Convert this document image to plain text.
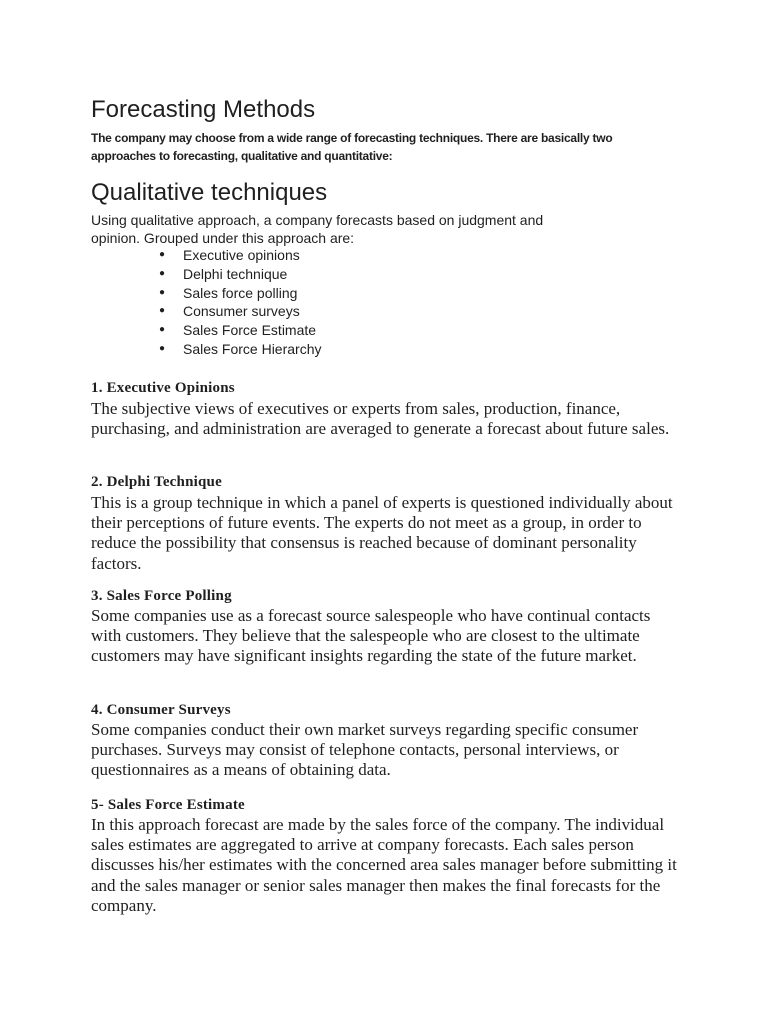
Forecasting Methods

The company may choose from a wide range of forecasting techniques. There are basically two approaches to forecasting, qualitative and quantitative:

Qualitative techniques

Using qualitative approach, a company forecasts based on judgment and opinion. Grouped under this approach are:

● Executive opinions
● Delphi technique
● Sales force polling
● Consumer surveys
● Sales Force Estimate
● Sales Force Hierarchy
1. Executive Opinions

The subjective views of executives or experts from sales, production, finance, purchasing, and administration are averaged to generate a forecast about future sales.

2. Delphi Technique

This is a group technique in which a panel of experts is questioned individually about their perceptions of future events. The experts do not meet as a group, in order to reduce the possibility that consensus is reached because of dominant personality factors.

3. Sales Force Polling

Some companies use as a forecast source salespeople who have continual contacts with customers. They believe that the salespeople who are closest to the ultimate customers may have significant insights regarding the state of the future market.

4. Consumer Surveys

Some companies conduct their own market surveys regarding specific consumer purchases. Surveys may consist of telephone contacts, personal interviews, or questionnaires as a means of obtaining data.

5- Sales Force Estimate

In this approach forecast are made by the sales force of the company. The individual sales estimates are aggregated to arrive at company forecasts. Each sales person discusses his/her estimates with the concerned area sales manager before submitting it and the sales manager or senior sales manager then makes the final forecasts for the company.
